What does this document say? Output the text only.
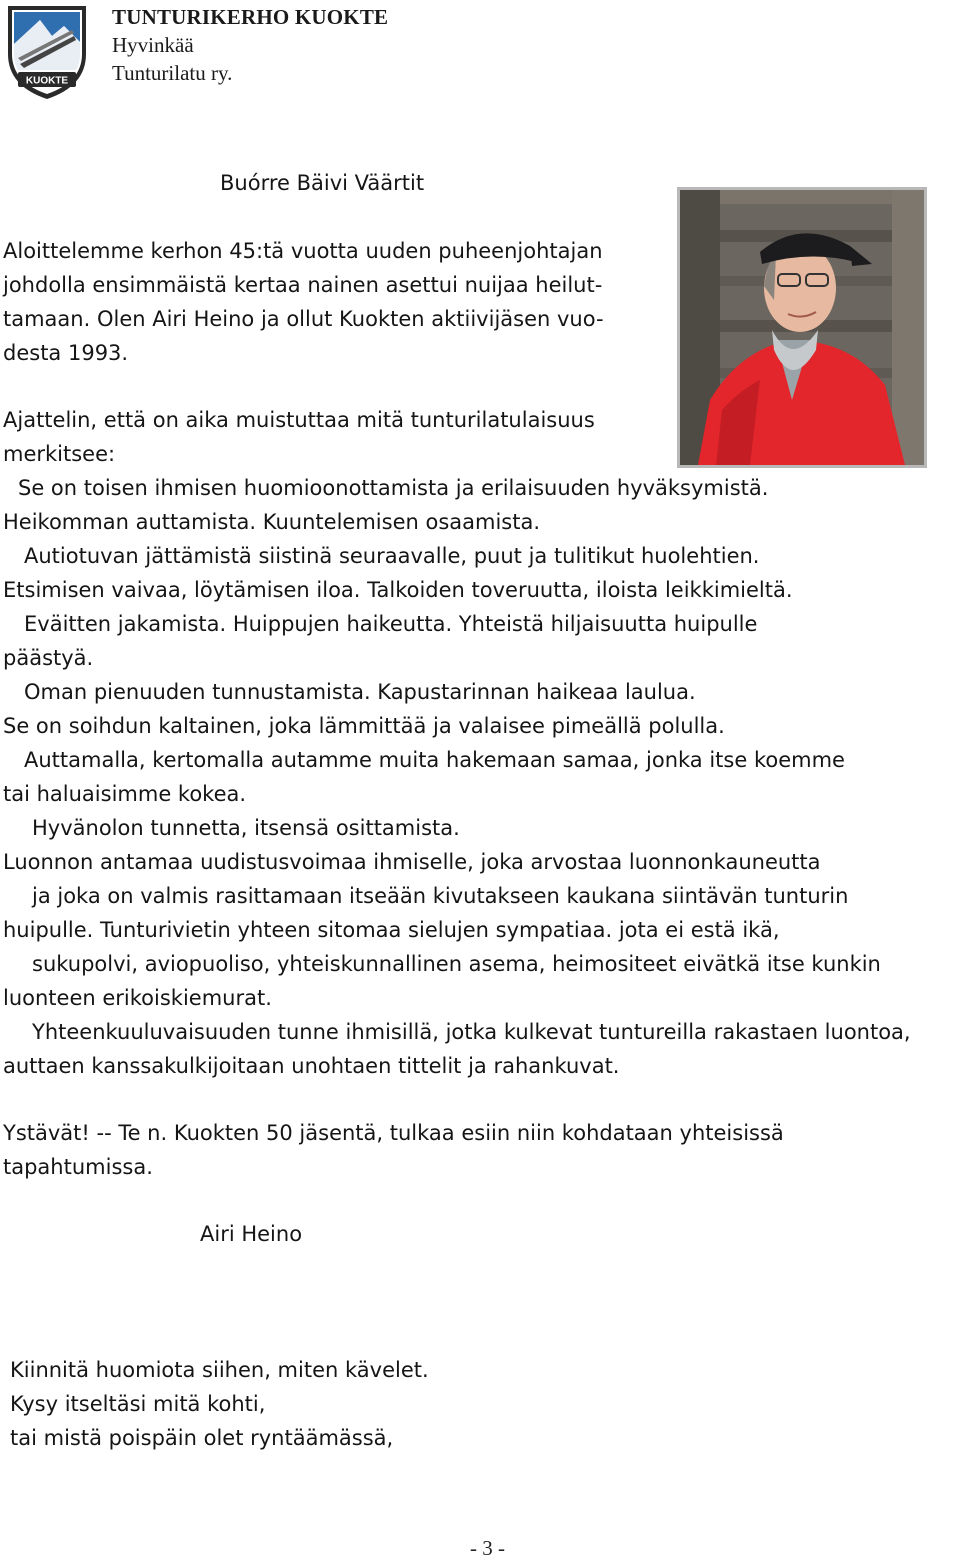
KUOKTE
TUNTURIKERHO KUOKTE
Hyvinkää
Tunturilatu ry.
Buórre Bäivi Väärtit
Aloittelemme kerhon 45:tä vuotta uuden puheenjohtajan
johdolla ensimmäistä kertaa nainen asettui nuijaa heilut-
tamaan. Olen Airi Heino ja ollut Kuokten aktiivijäsen vuo-
desta 1993.
Ajattelin, että on aika muistuttaa mitä tunturilatulaisuus
merkitsee:
Se on toisen ihmisen huomioonottamista ja erilaisuuden hyväksymistä.
Heikomman auttamista. Kuuntelemisen osaamista.
Autiotuvan jättämistä siistinä seuraavalle, puut ja tulitikut huolehtien.
Etsimisen vaivaa, löytämisen iloa. Talkoiden toveruutta, iloista leikkimieltä.
Eväitten jakamista. Huippujen haikeutta. Yhteistä hiljaisuutta huipulle
päästyä.
Oman pienuuden tunnustamista. Kapustarinnan haikeaa laulua.
Se on soihdun kaltainen, joka lämmittää ja valaisee pimeällä polulla.
Auttamalla, kertomalla autamme muita hakemaan samaa, jonka itse koemme
tai haluaisimme kokea.
Hyvänolon tunnetta, itsensä osittamista.
Luonnon antamaa uudistusvoimaa ihmiselle, joka arvostaa luonnonkauneutta
ja joka on valmis rasittamaan itseään kivutakseen kaukana siintävän tunturin
huipulle. Tunturivietin yhteen sitomaa sielujen sympatiaa. jota ei estä ikä,
sukupolvi, aviopuoliso, yhteiskunnallinen asema, heimositeet eivätkä itse kunkin
luonteen erikoiskiemurat.
Yhteenkuuluvaisuuden tunne ihmisillä, jotka kulkevat tuntureilla rakastaen luontoa,
auttaen kanssakulkijoitaan unohtaen tittelit ja rahankuvat.
Ystävät! -- Te n. Kuokten 50 jäsentä, tulkaa esiin niin kohdataan yhteisissä
tapahtumissa.
Airi Heino
Kiinnitä huomiota siihen, miten kävelet.
Kysy itseltäsi mitä kohti,
tai mistä poispäin olet ryntäämässä,
- 3 -
